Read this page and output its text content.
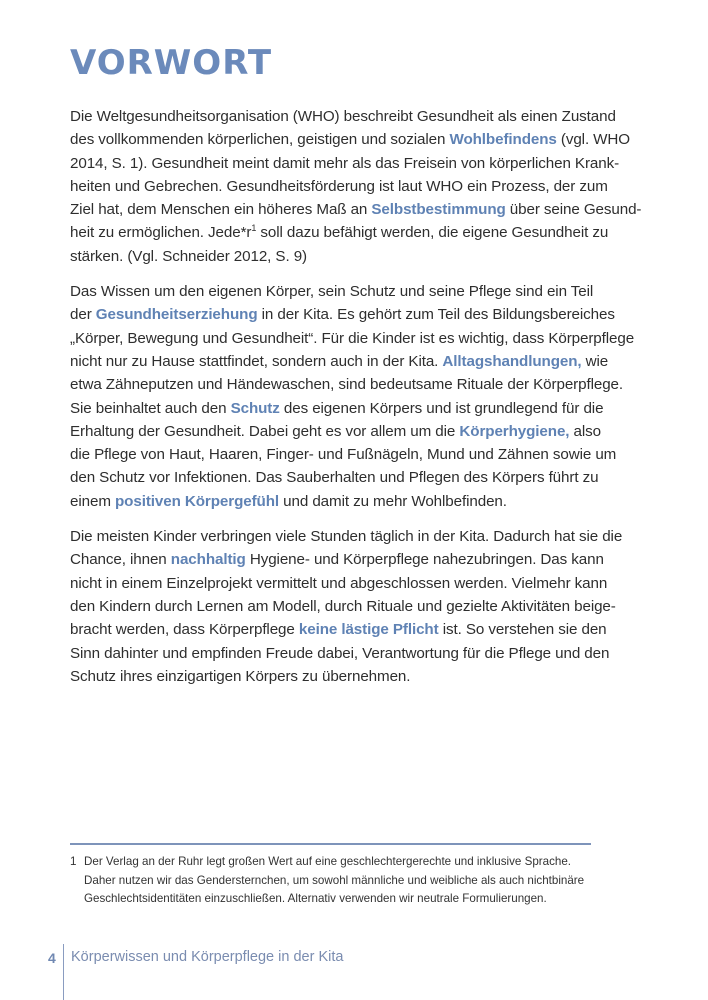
VORWORT

Die Weltgesundheitsorganisation (WHO) beschreibt Gesundheit als einen Zustand
des vollkommenden körperlichen, geistigen und sozialen Wohlbefindens (vgl. WHO
2014, S. 1). Gesundheit meint damit mehr als das Freisein von körperlichen Krank-
heiten und Gebrechen. Gesundheitsförderung ist laut WHO ein Prozess, der zum
Ziel hat, dem Menschen ein höheres Maß an Selbstbestimmung über seine Gesund-
heit zu ermöglichen. $Jede*r^1$ soll dazu befähigt werden, die eigene Gesundheit zu
stärken. (Vgl. Schneider 2012, S. 9)

Das Wissen um den eigenen Körper, sein Schutz und seine Pflege sind ein Teil
der Gesundheitserziehung in der Kita. Es gehört zum Teil des Bildungsbereiches
„Körper, Bewegung und Gesundheit“. Für die Kinder ist es wichtig, dass Körperpflege
nicht nur zu Hause stattfindet, sondern auch in der Kita. Alltagshandlungen, wie
etwa Zähneputzen und Händewaschen, sind bedeutsame Rituale der Körperpflege.
Sie beinhaltet auch den Schutz des eigenen Körpers und ist grundlegend für die
Erhaltung der Gesundheit. Dabei geht es vor allem um die Körperhygiene, also
die Pflege von Haut, Haaren, Finger- und Fußnägeln, Mund und Zähnen sowie um
den Schutz vor Infektionen. Das Sauberhalten und Pflegen des Körpers führt zu
einem positiven Körpergefühl und damit zu mehr Wohlbefinden.

Die meisten Kinder verbringen viele Stunden täglich in der Kita. Dadurch hat sie die
Chance, ihnen nachhaltig Hygiene- und Körperpflege nahezubringen. Das kann
nicht in einem Einzelprojekt vermittelt und abgeschlossen werden. Vielmehr kann
den Kindern durch Lernen am Modell, durch Rituale und gezielte Aktivitäten beige-
bracht werden, dass Körperpflege keine lästige Pflicht ist. So verstehen sie den
Sinn dahinter und empfinden Freude dabei, Verantwortung für die Pflege und den
Schutz ihres einzigartigen Körpers zu übernehmen.

1 Der Verlag an der Ruhr legt großen Wert auf eine geschlechtergerechte und inklusive Sprache.
Daher nutzen wir das Gendersternchen, um sowohl männliche und weibliche als auch nichtbinäre
Geschlechtsidentitäten einzuschließen. Alternativ verwenden wir neutrale Formulierungen.
4 Körperwissen und Körperpflege in der Kita
